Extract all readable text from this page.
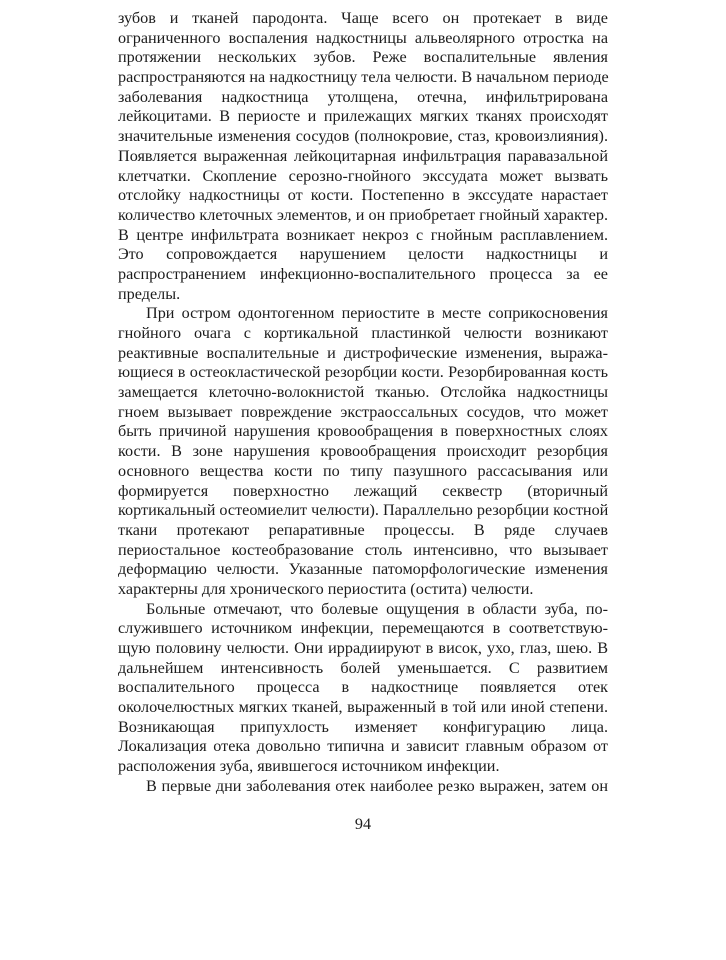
зубов и тканей пародонта. Чаще всего он протекает в виде
ограниченного воспаления надкостницы альвеолярного отростка на
протяжении нескольких зубов. Реже воспалительные явления
распространяются на надкостницу тела челюсти. В начальном периоде
заболевания надкостница утолщена, отечна, инфильтрирована
лейкоцитами. В периосте и прилежащих мягких тканях происходят
значительные изменения сосудов (полнокровие, стаз, кровоизлияния).
Появляется выраженная лейкоцитарная инфильтрация паравазальной
клетчатки. Скопление серозно-гнойного экссудата может вызвать
отслойку надкостницы от кости. Постепенно в экссудате нарастает
количество клеточных элементов, и он приобретает гнойный характер.
В центре инфильтрата возникает некроз с гнойным расплавлением.
Это сопровождается нарушением целости надкостницы и
распространением инфекционно-воспалительного процесса за ее
пределы.
При остром одонтогенном периостите в месте соприкосновения
гнойного очага с кортикальной пластинкой челюсти возникают
реактивные воспалительные и дистрофические изменения, выража-
ющиеся в остеокластической резорбции кости. Резорбированная кость
замещается клеточно-волокнистой тканью. Отслойка надкостницы
гноем вызывает повреждение экстраоссальных сосудов, что может
быть причиной нарушения кровообращения в поверхностных слоях
кости. В зоне нарушения кровообращения происходит резорбция
основного вещества кости по типу пазушного рассасывания или
формируется поверхностно лежащий секвестр (вторичный
кортикальный остеомиелит челюсти). Параллельно резорбции костной
ткани протекают репаративные процессы. В ряде случаев
периостальное костеобразование столь интенсивно, что вызывает
деформацию челюсти. Указанные патоморфологические изменения
характерны для хронического периостита (остита) челюсти.
Больные отмечают, что болевые ощущения в области зуба, по-
служившего источником инфекции, перемещаются в соответствую-
щую половину челюсти. Они иррадиируют в висок, ухо, глаз, шею. В
дальнейшем интенсивность болей уменьшается. С развитием
воспалительного процесса в надкостнице появляется отек
околочелюстных мягких тканей, выраженный в той или иной степени.
Возникающая припухлость изменяет конфигурацию лица.
Локализация отека довольно типична и зависит главным образом от
расположения зуба, явившегося источником инфекции.
В первые дни заболевания отек наиболее резко выражен, затем он
94
